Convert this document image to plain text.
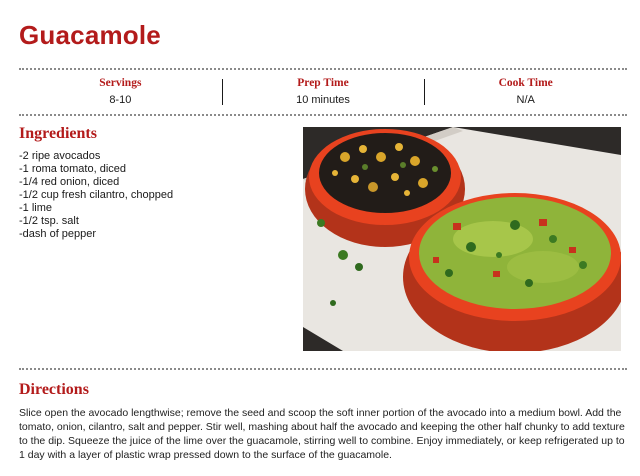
Guacamole
Servings
8-10
Prep Time
10 minutes
Cook Time
N/A
Ingredients
-2 ripe avocados
-1 roma tomato, diced
-1/4 red onion, diced
-1/2 cup fresh cilantro, chopped
-1 lime
-1/2 tsp. salt
-dash of pepper
Directions

Slice open the avocado lengthwise; remove the seed and scoop the soft inner portion of the avocado into a medium bowl. Add the tomato, onion, cilantro, salt and pepper. Stir well, mashing about half the avocado and keeping the other half chunky to add texture to the dip. Squeeze the juice of the lime over the guacamole, stirring well to combine. Enjoy immediately, or keep refrigerated up to 1 day with a layer of plastic wrap pressed down to the surface of the guacamole.
